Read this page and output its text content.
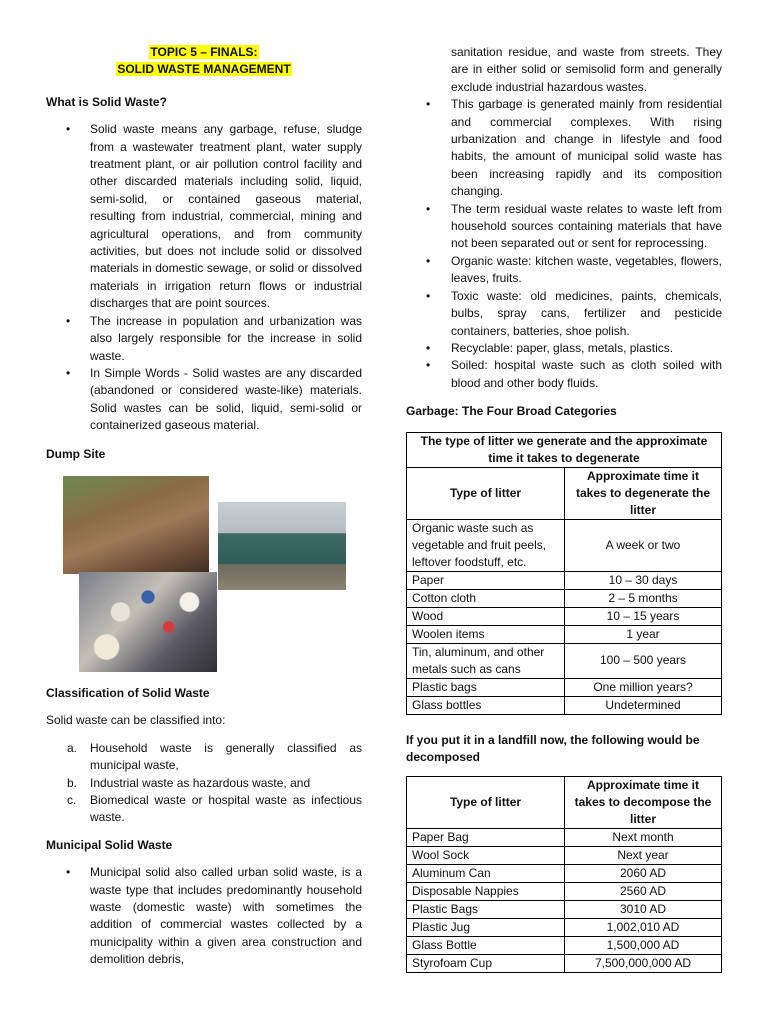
TOPIC 5 – FINALS:
SOLID WASTE MANAGEMENT
What is Solid Waste?
• Solid waste means any garbage, refuse, sludge from a wastewater treatment plant, water supply treatment plant, or air pollution control facility and other discarded materials including solid, liquid, semi-solid, or contained gaseous material, resulting from industrial, commercial, mining and agricultural operations, and from community activities, but does not include solid or dissolved materials in domestic sewage, or solid or dissolved materials in irrigation return flows or industrial discharges that are point sources.
• The increase in population and urbanization was also largely responsible for the increase in solid waste.
• In Simple Words - Solid wastes are any discarded (abandoned or considered waste-like) materials. Solid wastes can be solid, liquid, semi-solid or containerized gaseous material.
Dump Site
Classification of Solid Waste

Solid waste can be classified into:

a. Household waste is generally classified as municipal waste,
b. Industrial waste as hazardous waste, and
c. Biomedical waste or hospital waste as infectious waste.
Municipal Solid Waste
• Municipal solid also called urban solid waste, is a waste type that includes predominantly household waste (domestic waste) with sometimes the addition of commercial wastes collected by a municipality within a given area construction and demolition debris,

sanitation residue, and waste from streets. They are in either solid or semisolid form and generally exclude industrial hazardous wastes.

• This garbage is generated mainly from residential and commercial complexes. With rising urbanization and change in lifestyle and food habits, the amount of municipal solid waste has been increasing rapidly and its composition changing.
• The term residual waste relates to waste left from household sources containing materials that have not been separated out or sent for reprocessing.
• Organic waste: kitchen waste, vegetables, flowers, leaves, fruits.
• Toxic waste: old medicines, paints, chemicals, bulbs, spray cans, fertilizer and pesticide containers, batteries, shoe polish.
• Recyclable: paper, glass, metals, plastics.
• Soiled: hospital waste such as cloth soiled with blood and other body fluids.
Garbage: The Four Broad Categories
The type of litter we generate and the approximate time it takes to degenerate	
Type of litter	Approximate time it takes to degenerate the litter
Organic waste such as vegetable and fruit peels, leftover foodstuff, etc.	A week or two
Paper	10 – 30 days
Cotton cloth	2 – 5 months
Wood	10 – 15 years
Woolen items	1 year
Tin, aluminum, and other metals such as cans	100 – 500 years
Plastic bags	One million years?
Glass bottles	Undetermined
If you put it in a landfill now, the following would be decomposed
Type of litter	Approximate time it takes to decompose the litter
Paper Bag	Next month
Wool Sock	Next year
Aluminum Can	2060 AD
Disposable Nappies	2560 AD
Plastic Bags	3010 AD
Plastic Jug	1,002,010 AD
Glass Bottle	1,500,000 AD
Styrofoam Cup	7,500,000,000 AD
